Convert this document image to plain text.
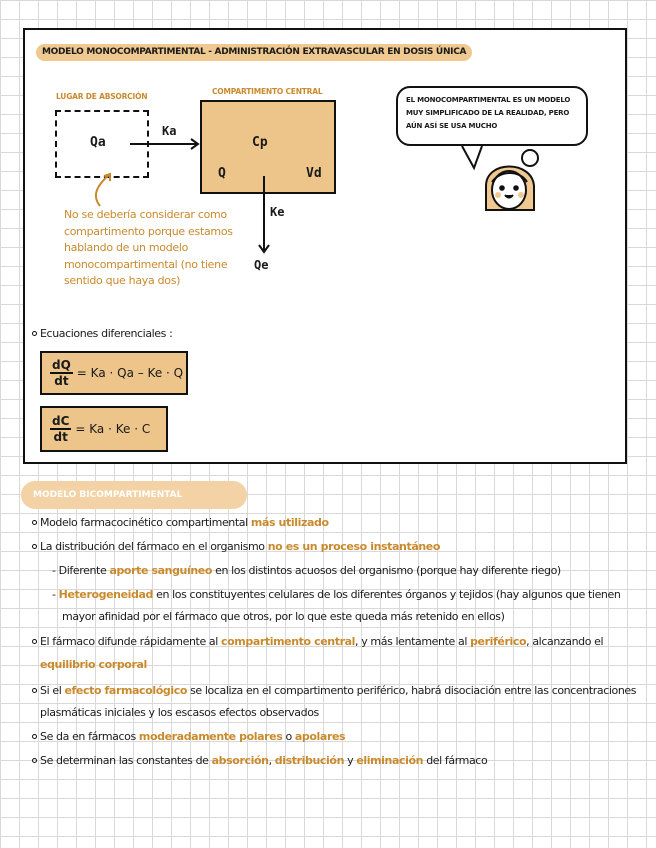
MODELO MONOCOMPARTIMENTAL - ADMINISTRACIÓN EXTRAVASCULAR EN DOSIS ÚNICA
LUGAR DE ABSORCIÓN
COMPARTIMENTO CENTRAL
Qa	Cp
Q	Vd
Ka
Ke
Qe
No se debería considerar como compartimento porque estamos hablando de un modelo monocompartimental (no tiene sentido que haya dos)
EL MONOCOMPARTIMENTAL ES UN MODELO MUY SIMPLIFICADO DE LA REALIDAD, PERO AÚN ASÍ SE USA MUCHO
Ecuaciones diferenciales :
$\frac{dQ}{dt} = Ka \cdot Qa - Ke \cdot Q$
$\frac{dC}{dt} = Ka \cdot Ke \cdot C$
MODELO BICOMPARTIMENTAL
Modelo farmacocinético compartimental más utilizado
La distribución del fármaco en el organismo no es un proceso instantáneo
- Diferente aporte sanguíneo en los distintos acuosos del organismo (porque hay diferente riego)
- Heterogeneidad en los constituyentes celulares de los diferentes órganos y tejidos (hay algunos que tienen
mayor afinidad por el fármaco que otros, por lo que este queda más retenido en ellos)
El fármaco difunde rápidamente al compartimento central, y más lentamente al periférico, alcanzando el
equilibrio corporal
Si el efecto farmacológico se localiza en el compartimento periférico, habrá disociación entre las concentraciones
plasmáticas iniciales y los escasos efectos observados
Se da en fármacos moderadamente polares o apolares
Se determinan las constantes de absorción, distribución y eliminación del fármaco
